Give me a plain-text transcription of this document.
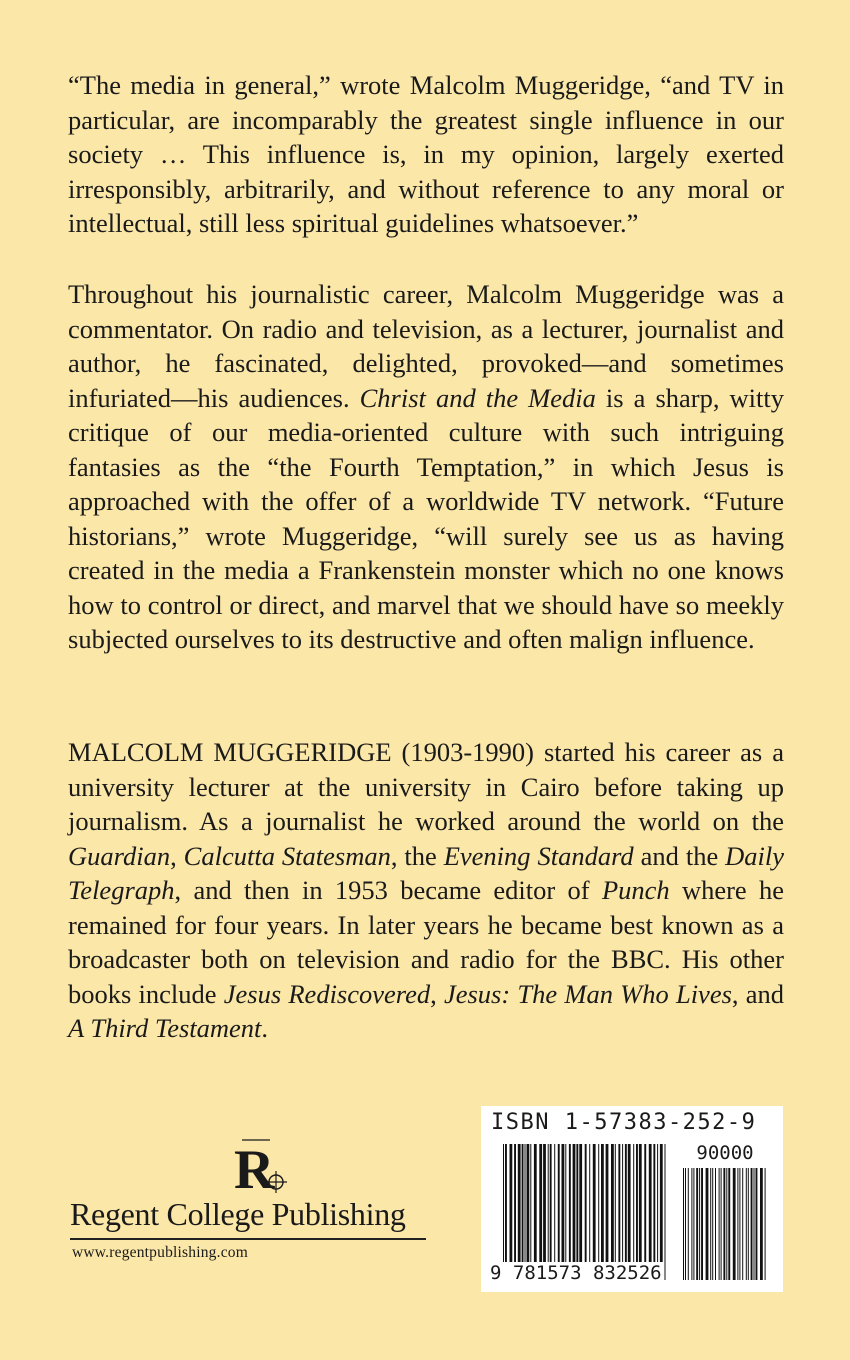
“The media in general,” wrote Malcolm Muggeridge, “and TV in particular, are incomparably the greatest single influence in our society … This influence is, in my opinion, largely exerted irresponsibly, arbitrarily, and without reference to any moral or intellectual, still less spiritual guidelines whatsoever.”

Throughout his journalistic career, Malcolm Muggeridge was a commentator. On radio and television, as a lecturer, journalist and author, he fascinated, delighted, provoked—and sometimes infuriated—his audiences. Christ and the Media is a sharp, witty critique of our media-oriented culture with such intriguing fantasies as the “the Fourth Temptation,” in which Jesus is approached with the offer of a worldwide TV network. “Future historians,” wrote Muggeridge, “will surely see us as having created in the media a Frankenstein monster which no one knows how to control or direct, and marvel that we should have so meekly subjected ourselves to its destructive and often malign influence.

MALCOLM MUGGERIDGE (1903-1990) started his career as a university lecturer at the university in Cairo before taking up journalism. As a journalist he worked around the world on the Guardian, Calcutta Statesman, the Evening Standard and the Daily Telegraph, and then in 1953 became editor of Punch where he remained for four years. In later years he became best known as a broadcaster both on television and radio for the BBC. His other books include Jesus Rediscovered, Jesus: The Man Who Lives, and A Third Testament.

R
Regent College Publishing
www.regentpublishing.com
ISBN 1-57383-252-9
90000
9 781573 832526
